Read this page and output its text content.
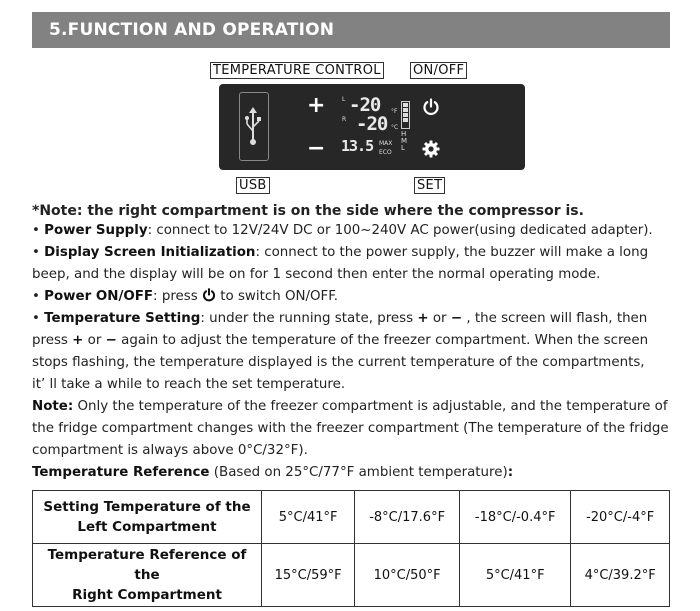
5.FUNCTION AND OPERATION
TEMPERATURE CONTROL ON/OFF
+
−
L -20 °F
R -20 °C
13.5 MAX
ECO
H
M
L
USB	SET
*Note: the right compartment is on the side where the compressor is.
• Power Supply: connect to 12V/24V DC or 100~240V AC power(using dedicated adapter).
• Display Screen Initialization: connect to the power supply, the buzzer will make a long
beep, and the display will be on for 1 second then enter the normal operating mode.
• Power ON/OFF: press  to switch ON/OFF.
• Temperature Setting: under the running state, press + or − , the screen will flash, then
press + or − again to adjust the temperature of the freezer compartment. When the screen
stops flashing, the temperature displayed is the current temperature of the compartments,
it’ ll take a while to reach the set temperature.
Note: Only the temperature of the freezer compartment is adjustable, and the temperature of
the fridge compartment changes with the freezer compartment (The temperature of the fridge
compartment is always above 0°C/32°F).
Temperature Reference (Based on 25°C/77°F ambient temperature):
Setting Temperature of the
Left Compartment	5°C/41°F	-8°C/17.6°F	-18°C/-0.4°F	-20°C/-4°F

Temperature Reference of the
Right Compartment	15°C/59°F	10°C/50°F	5°C/41°F	4°C/39.2°F
